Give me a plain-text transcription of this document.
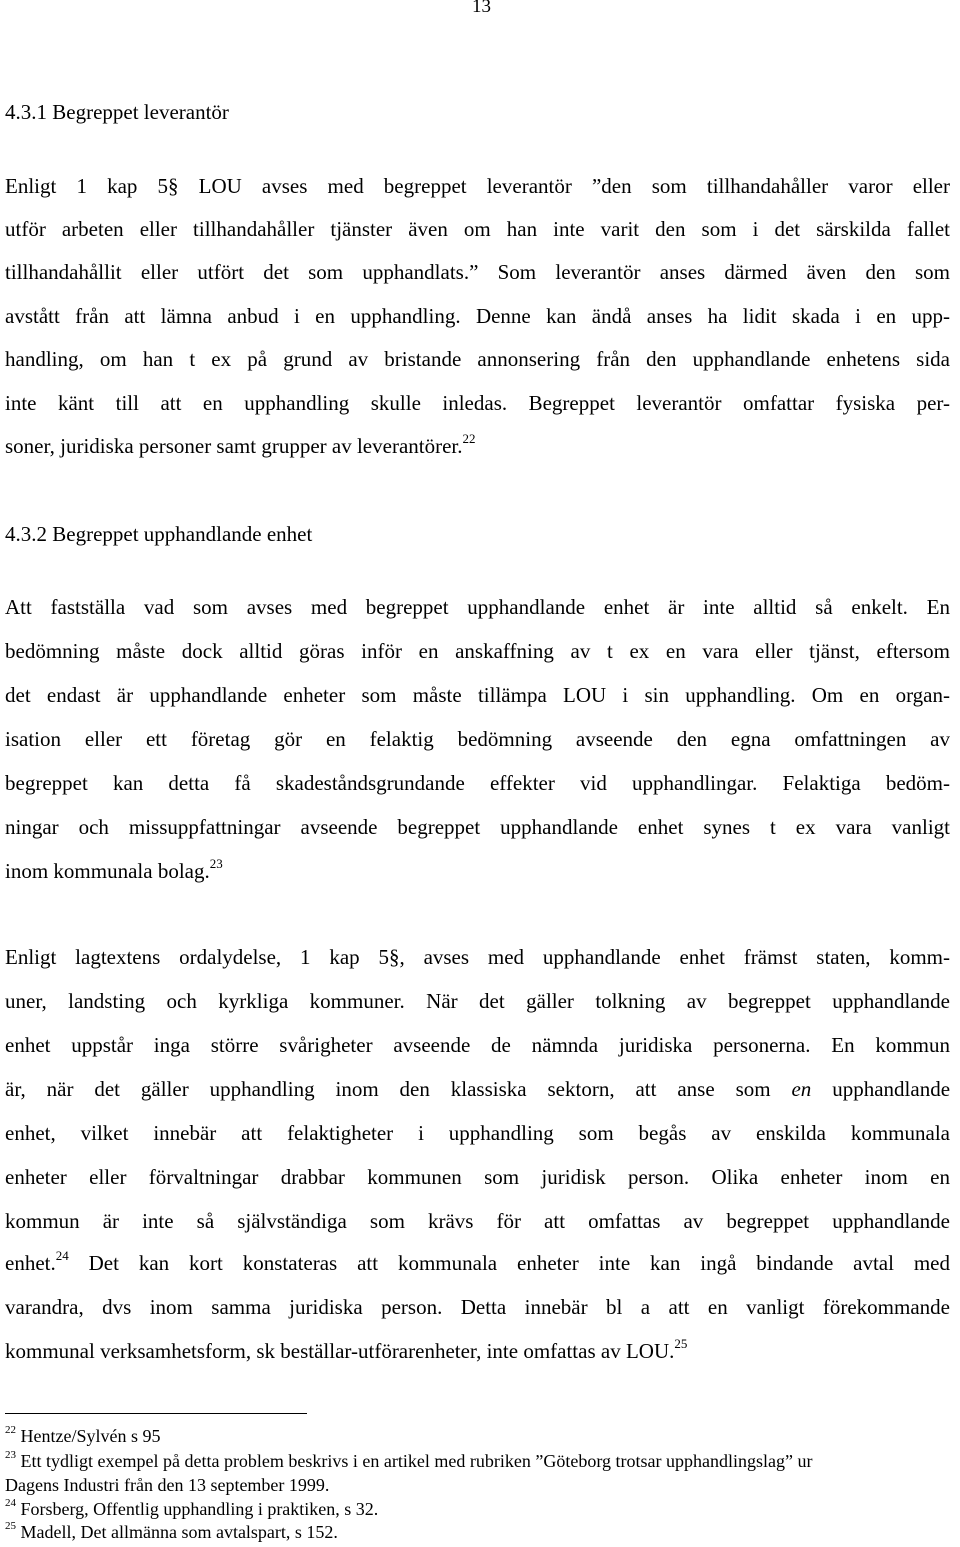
13
4.3.1 Begreppet leverantör
Enligt 1 kap 5§ LOU avses med begreppet leverantör ”den som tillhandahåller varor eller
utför arbeten eller tillhandahåller tjänster även om han inte varit den som i det särskilda fallet
tillhandahållit eller utfört det som upphandlats.” Som leverantör anses därmed även den som
avstått från att lämna anbud i en upphandling. Denne kan ändå anses ha lidit skada i en upp-
handling, om han t ex på grund av bristande annonsering från den upphandlande enhetens sida
inte känt till att en upphandling skulle inledas. Begreppet leverantör omfattar fysiska per-
soner, juridiska personer samt grupper av leverantörer.$^{22}$
4.3.2 Begreppet upphandlande enhet
Att fastställa vad som avses med begreppet upphandlande enhet är inte alltid så enkelt. En
bedömning måste dock alltid göras inför en anskaffning av t ex en vara eller tjänst, eftersom
det endast är upphandlande enheter som måste tillämpa LOU i sin upphandling. Om en organ-
isation eller ett företag gör en felaktig bedömning avseende den egna omfattningen av
begreppet kan detta få skadeståndsgrundande effekter vid upphandlingar. Felaktiga bedöm-
ningar och missuppfattningar avseende begreppet upphandlande enhet synes t ex vara vanligt
inom kommunala bolag.$^{23}$
Enligt lagtextens ordalydelse, 1 kap 5§, avses med upphandlande enhet främst staten, komm-
uner, landsting och kyrkliga kommuner. När det gäller tolkning av begreppet upphandlande
enhet uppstår inga större svårigheter avseende de nämnda juridiska personerna. En kommun
är, när det gäller upphandling inom den klassiska sektorn, att anse som en upphandlande
enhet, vilket innebär att felaktigheter i upphandling som begås av enskilda kommunala
enheter eller förvaltningar drabbar kommunen som juridisk person. Olika enheter inom en
kommun är inte så självständiga som krävs för att omfattas av begreppet upphandlande
enhet.$^{24}$ Det kan kort konstateras att kommunala enheter inte kan ingå bindande avtal med
varandra, dvs inom samma juridiska person. Detta innebär bl a att en vanligt förekommande
kommunal verksamhetsform, sk beställar-utförarenheter, inte omfattas av LOU.$^{25}$
$^{22}$ Hentze/Sylvén s 95
$^{23}$ Ett tydligt exempel på detta problem beskrivs i en artikel med rubriken ”Göteborg trotsar upphandlingslag” ur
Dagens Industri från den 13 september 1999.
$^{24}$ Forsberg, Offentlig upphandling i praktiken, s 32.
$^{25}$ Madell, Det allmänna som avtalspart, s 152.
